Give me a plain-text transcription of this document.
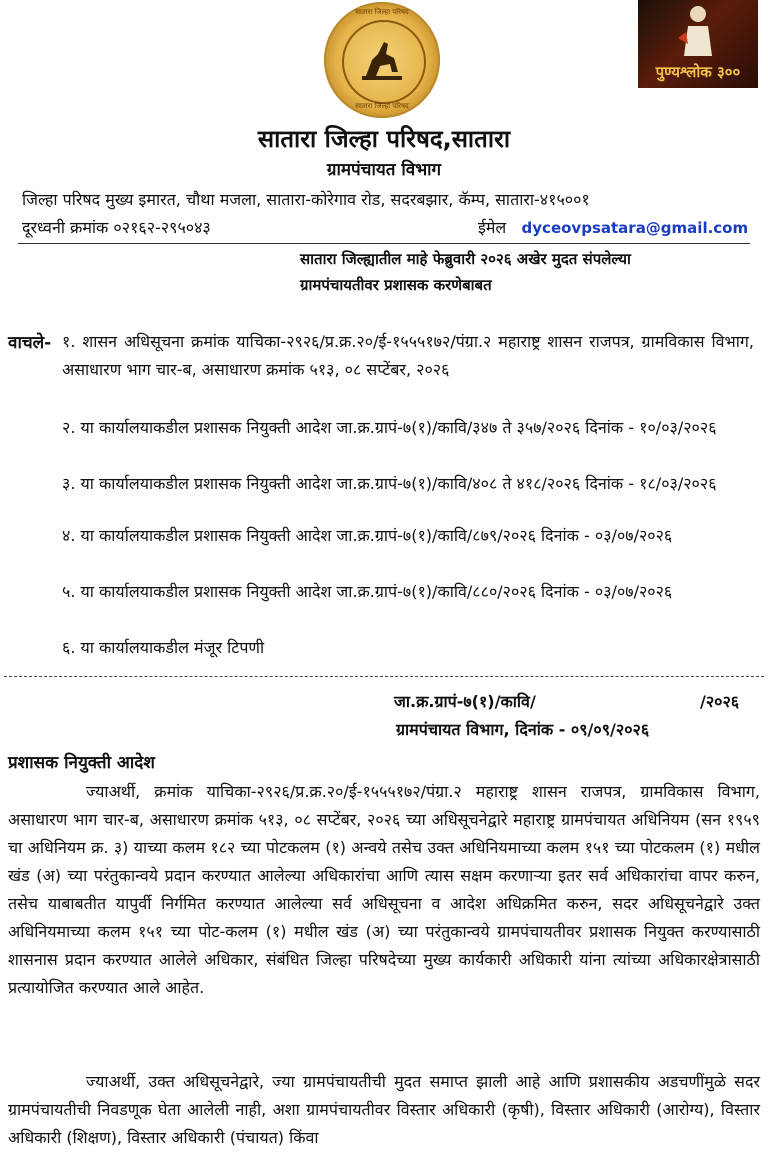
सातारा जिल्हा परिषद
सातारा जिल्हा परिषद
पुण्यश्लोक ३००
सातारा जिल्हा परिषद,सातारा
ग्रामपंचायत विभाग
जिल्हा परिषद मुख्य इमारत, चौथा मजला, सातारा-कोरेगाव रोड, सदरबझार, कॅम्प, सातारा-४१५००१
दूरध्वनी क्रमांक ०२१६२-२९५०४३	ईमेल dyceovpsatara@gmail.com
सातारा जिल्ह्यातील माहे फेब्रुवारी २०२६ अखेर मुदत संपलेल्या
ग्रामपंचायतीवर प्रशासक करणेबाबत
वाचले- १. शासन अधिसूचना क्रमांक याचिका-२९२६/प्र.क्र.२०/ई-१५५५१७२/पंग्रा.२ महाराष्ट्र शासन राजपत्र, ग्रामविकास विभाग, असाधारण भाग चार-ब, असाधारण क्रमांक ५१३, ०८ सप्टेंबर, २०२६
२. या कार्यालयाकडील प्रशासक नियुक्ती आदेश जा.क्र.ग्रापं-७(१)/कावि/३४७ ते ३५७/२०२६ दिनांक - १०/०३/२०२६
३. या कार्यालयाकडील प्रशासक नियुक्ती आदेश जा.क्र.ग्रापं-७(१)/कावि/४०८ ते ४१८/२०२६ दिनांक - १८/०३/२०२६
४. या कार्यालयाकडील प्रशासक नियुक्ती आदेश जा.क्र.ग्रापं-७(१)/कावि/८७९/२०२६ दिनांक - ०३/०७/२०२६
५. या कार्यालयाकडील प्रशासक नियुक्ती आदेश जा.क्र.ग्रापं-७(१)/कावि/८८०/२०२६ दिनांक - ०३/०७/२०२६
६. या कार्यालयाकडील मंजूर टिपणी
जा.क्र.ग्रापं-७(१)/कावि/	/२०२६
ग्रामपंचायत विभाग, दिनांक - ०९/०९/२०२६
प्रशासक नियुक्ती आदेश
ज्याअर्थी, क्रमांक याचिका-२९२६/प्र.क्र.२०/ई-१५५५१७२/पंग्रा.२ महाराष्ट्र शासन राजपत्र, ग्रामविकास विभाग, असाधारण भाग चार-ब, असाधारण क्रमांक ५१३, ०८ सप्टेंबर, २०२६ च्या अधिसूचनेद्वारे महाराष्ट्र ग्रामपंचायत अधिनियम (सन १९५९ चा अधिनियम क्र. ३) याच्या कलम १८२ च्या पोटकलम (१) अन्वये तसेच उक्त अधिनियमाच्या कलम १५१ च्या पोटकलम (१) मधील खंड (अ) च्या परंतुकान्वये प्रदान करण्यात आलेल्या अधिकारांचा आणि त्यास सक्षम करणाऱ्या इतर सर्व अधिकारांचा वापर करुन, तसेच याबाबतीत यापुर्वी निर्गमित करण्यात आलेल्या सर्व अधिसूचना व आदेश अधिक्रमित करुन, सदर अधिसूचनेद्वारे उक्त अधिनियमाच्या कलम १५१ च्या पोट-कलम (१) मधील खंड (अ) च्या परंतुकान्वये ग्रामपंचायतीवर प्रशासक नियुक्त करण्यासाठी शासनास प्रदान करण्यात आलेले अधिकार, संबंधित जिल्हा परिषदेच्या मुख्य कार्यकारी अधिकारी यांना त्यांच्या अधिकारक्षेत्रासाठी प्रत्यायोजित करण्यात आले आहेत.
ज्याअर्थी, उक्त अधिसूचनेद्वारे, ज्या ग्रामपंचायतीची मुदत समाप्त झाली आहे आणि प्रशासकीय अडचणींमुळे सदर ग्रामपंचायतीची निवडणूक घेता आलेली नाही, अशा ग्रामपंचायतीवर विस्तार अधिकारी (कृषी), विस्तार अधिकारी (आरोग्य), विस्तार अधिकारी (शिक्षण), विस्तार अधिकारी (पंचायत) किंवा
